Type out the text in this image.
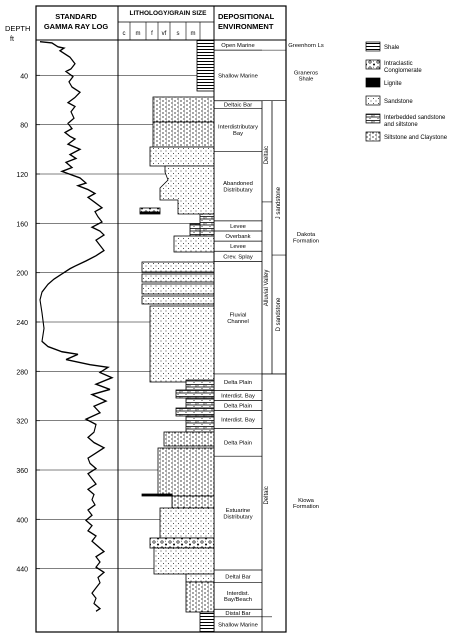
DEPTH
ft
STANDARD
GAMMA RAY LOG
LITHOLOGY/GRAIN SIZE DEPOSITIONAL
ENVIRONMENT
c m f vf s m
40
80
120
160
200
240
280
320
360
400
440
Open Marine
Shallow Marine
Deltaic Bar
Interdistributary Bay
Abandoned Distributary
Levee
Overbank
Levee
Crev. Splay
Fluvial Channel
Delta Plain
Interdist. Bay
Delta Plain
Interdist. Bay
Delta Plain
Estuarine Distributary
Deltal Bar
Interdist. Bay/Beach
Distal Bar
Shallow Marine
Deltaic
Alluvial Valley
Deltaic
J sandstone
D sandstone
Greenhorn Ls
Graneros Shale
Dakota Formation
Kiowa Formation
Shale
Intraclastic Conglomerate
Lignite
Sandstone
Interbedded sandstone and siltstone
Siltstone and Claystone
